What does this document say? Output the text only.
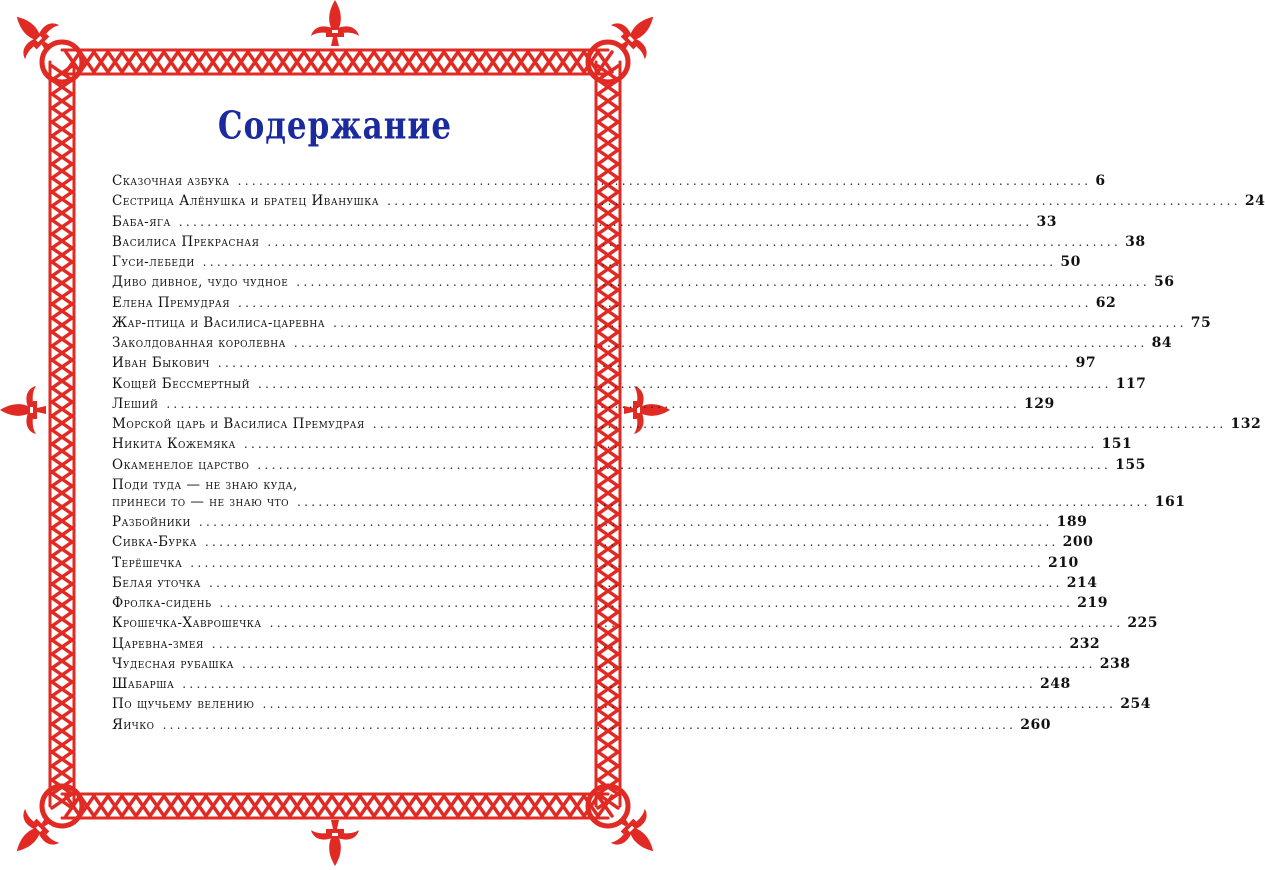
Содержание
Сказочная азбука ........................................................................................................................ 6
Сестрица Алёнушка и братец Иванушка ........................................................................................................................ 24
Баба-яга ........................................................................................................................ 33
Василиса Прекрасная ........................................................................................................................ 38
Гуси-лебеди ........................................................................................................................ 50
Диво дивное, чудо чудное ........................................................................................................................ 56
Елена Премудрая ........................................................................................................................ 62
Жар-птица и Василиса-царевна ........................................................................................................................ 75
Заколдованная королевна ........................................................................................................................ 84
Иван Быкович ........................................................................................................................ 97
Кощей Бессмертный ........................................................................................................................ 117
Леший ........................................................................................................................ 129
Морской царь и Василиса Премудрая ........................................................................................................................ 132
Никита Кожемяка ........................................................................................................................ 151
Окаменелое царство ........................................................................................................................ 155
Поди туда — не знаю куда,
принеси то — не знаю что ........................................................................................................................ 161
Разбойники ........................................................................................................................ 189
Сивка-Бурка ........................................................................................................................ 200
Терёшечка ........................................................................................................................ 210
Белая уточка ........................................................................................................................ 214
Фролка-сидень ........................................................................................................................ 219
Крошечка-Хаврошечка ........................................................................................................................ 225
Царевна-змея ........................................................................................................................ 232
Чудесная рубашка ........................................................................................................................ 238
Шабарша ........................................................................................................................ 248
По щучьему велению ........................................................................................................................ 254
Яичко ........................................................................................................................ 260
